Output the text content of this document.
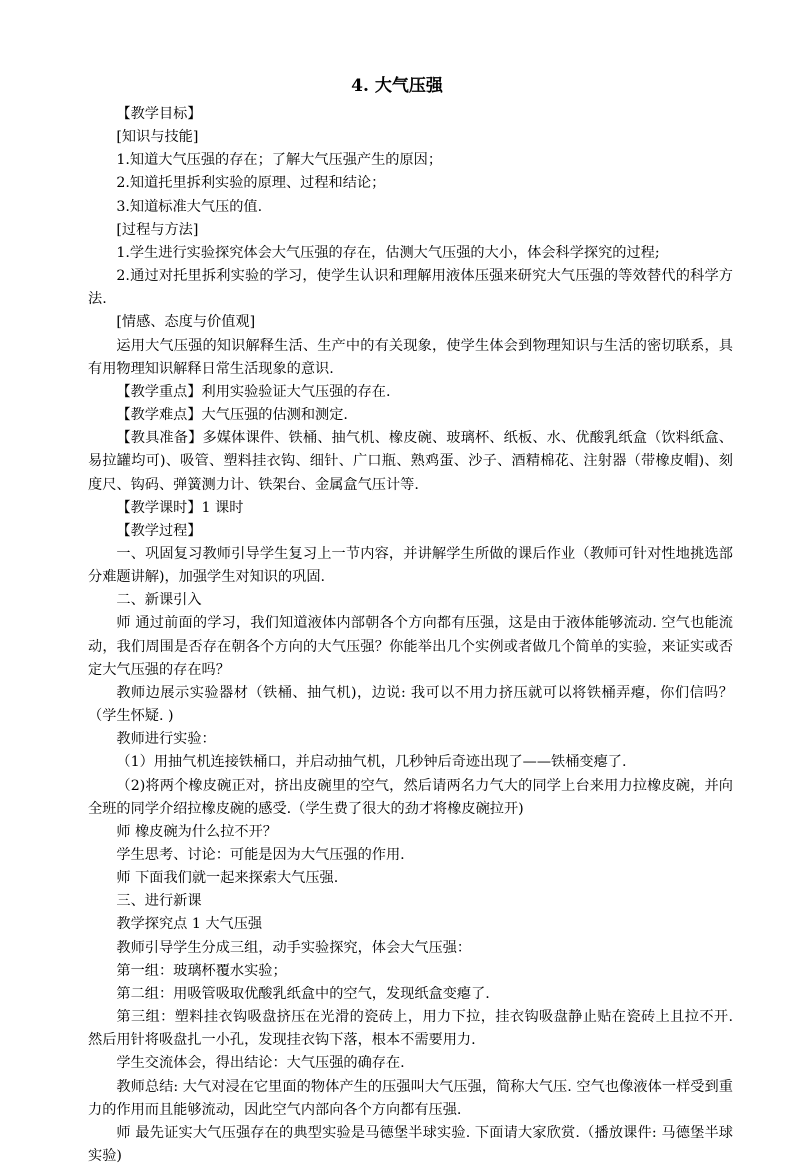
4. 大气压强

【教学目标】

[知识与技能]

1.知道大气压强的存在；了解大气压强产生的原因；

2.知道托里拆利实验的原理、过程和结论；

3.知道标准大气压的值.

[过程与方法]

1.学生进行实验探究体会大气压强的存在，估测大气压强的大小，体会科学探究的过程;

2.通过对托里拆利实验的学习，使学生认识和理解用液体压强来研究大气压强的等效替代的科学方法.

[情感、态度与价值观]

运用大气压强的知识解释生活、生产中的有关现象，使学生体会到物理知识与生活的密切联系，具有用物理知识解释日常生活现象的意识.

【教学重点】利用实验验证大气压强的存在.

【教学难点】大气压强的估测和测定.

【教具准备】多媒体课件、铁桶、抽气机、橡皮碗、玻璃杯、纸板、水、优酸乳纸盒（饮料纸盒、易拉罐均可)、吸管、塑料挂衣钩、细针、广口瓶、熟鸡蛋、沙子、酒精棉花、注射器（带橡皮帽)、刻度尺、钩码、弹簧测力计、铁架台、金属盒气压计等.

【教学课时】1 课时

【教学过程】

一、巩固复习教师引导学生复习上一节内容，并讲解学生所做的课后作业（教师可针对性地挑选部分难题讲解)，加强学生对知识的巩固.

二、新课引入

师 通过前面的学习，我们知道液体内部朝各个方向都有压强，这是由于液体能够流动. 空气也能流动，我们周围是否存在朝各个方向的大气压强？你能举出几个实例或者做几个简单的实验，来证实或否定大气压强的存在吗？

教师边展示实验器材（铁桶、抽气机)，边说: 我可以不用力挤压就可以将铁桶弄瘪，你们信吗？（学生怀疑. )

教师进行实验：

（1）用抽气机连接铁桶口，并启动抽气机，几秒钟后奇迹出现了——铁桶变瘪了.

（2)将两个橡皮碗正对，挤出皮碗里的空气，然后请两名力气大的同学上台来用力拉橡皮碗，并向全班的同学介绍拉橡皮碗的感受.（学生费了很大的劲才将橡皮碗拉开)

师 橡皮碗为什么拉不开？

学生思考、讨论：可能是因为大气压强的作用.

师 下面我们就一起来探索大气压强.

三、进行新课

教学探究点 1 大气压强

教师引导学生分成三组，动手实验探究，体会大气压强：

第一组：玻璃杯覆水实验；

第二组：用吸管吸取优酸乳纸盒中的空气，发现纸盒变瘪了.

第三组：塑料挂衣钩吸盘挤压在光滑的瓷砖上，用力下拉，挂衣钩吸盘静止贴在瓷砖上且拉不开. 然后用针将吸盘扎一小孔，发现挂衣钩下落，根本不需要用力.

学生交流体会，得出结论：大气压强的确存在.

教师总结: 大气对浸在它里面的物体产生的压强叫大气压强，简称大气压. 空气也像液体一样受到重力的作用而且能够流动，因此空气内部向各个方向都有压强.

师 最先证实大气压强存在的典型实验是马德堡半球实验. 下面请大家欣赏.（播放课件: 马德堡半球实验)
